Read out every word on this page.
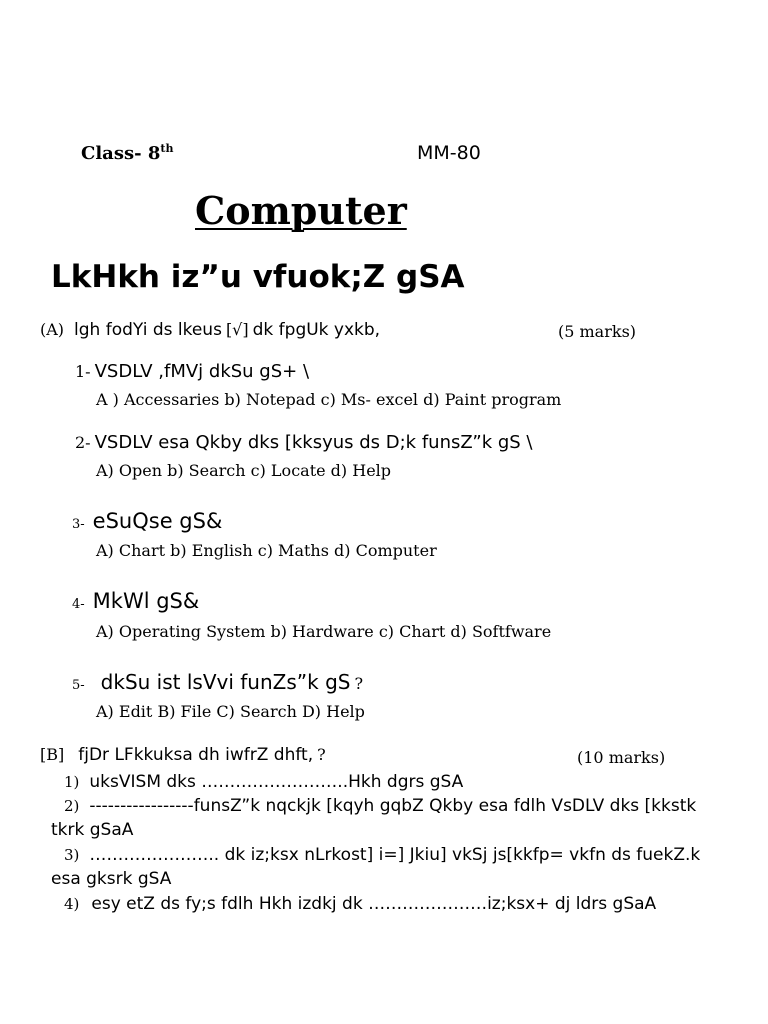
Class- 8th	MM-80
Computer
LkHkh iz”u vfuok;Z gSA
(A) lgh fodYi ds lkeus [√] dk fpgUk yxkb,	(5 marks)
1- VSDLV ,fMVj dkSu gS+ \
A ) Accessaries b) Notepad c) Ms- excel d) Paint program
2- VSDLV esa Qkby dks [kksyus ds D;k funsZ”k gS \
A) Open b) Search c) Locate d) Help
3- eSuQse gS&
A) Chart b) English c) Maths d) Computer
4- MkWl gS&
A) Operating System b) Hardware c) Chart d) Softfware
5- dkSu ist lsVvi funZs”k gS ?
A) Edit B) File C) Search D) Help
[B] fjDr LFkkuksa dh iwfrZ dhft, ?	(10 marks)
1) uksVISM dks ……………………..Hkh dgrs gSA
2) -----------------funsZ”k nqckjk [kqyh gqbZ Qkby esa fdlh VsDLV dks [kkstk
tkrk gSaA
3) ………………….. dk iz;ksx nLrkost] i=] Jkiu] vkSj js[kkfp= vkfn ds fuekZ.k
esa gksrk gSA
4) esy etZ ds fy;s fdlh Hkh izdkj dk …………………iz;ksx+ dj ldrs gSaA
